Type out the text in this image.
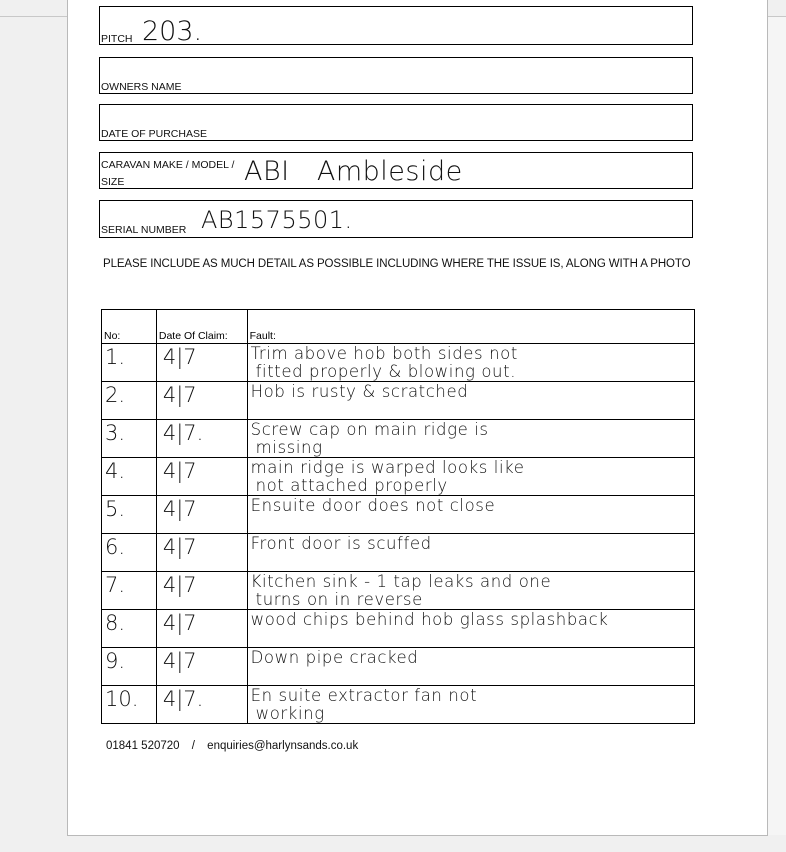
PITCH 203.
OWNERS NAME
DATE OF PURCHASE
CARAVAN MAKE / MODEL /
SIZE	ABI   Ambleside
SERIAL NUMBER AB1575501.
PLEASE INCLUDE AS MUCH DETAIL AS POSSIBLE INCLUDING WHERE THE ISSUE IS, ALONG WITH A PHOTO
No:	Date Of Claim:	Fault:

1.	4|7	Trim above hob both sides not
fitted properly & blowing out.

2.	4|7	Hob is rusty & scratched

3.	4|7.	Screw cap on main ridge is
missing

4.	4|7	main ridge is warped looks like
not attached properly

5.	4|7	Ensuite door does not close

6.	4|7	Front door is scuffed

7.	4|7	Kitchen sink - 1 tap leaks and one
turns on in reverse

8.	4|7	wood chips behind hob glass splashback

9.	4|7	Down pipe cracked

10.	4|7.	En suite extractor fan not
working
01841 520720 / enquiries@harlynsands.co.uk
